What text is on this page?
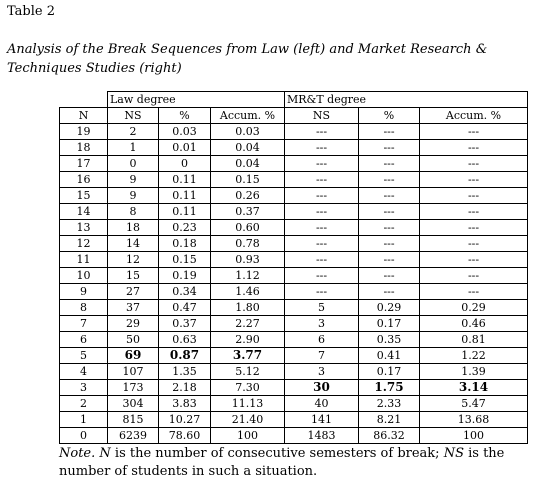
Table 2
Analysis of the Break Sequences from Law (left) and Market Research & Techniques Studies (right)
	Law degree			MR&T degree		
N	NS	%	Accum. %	NS	%	Accum. %
19	2	0.03	0.03	---	---	---
18	1	0.01	0.04	---	---	---
17	0	0	0.04	---	---	---
16	9	0.11	0.15	---	---	---
15	9	0.11	0.26	---	---	---
14	8	0.11	0.37	---	---	---
13	18	0.23	0.60	---	---	---
12	14	0.18	0.78	---	---	---
11	12	0.15	0.93	---	---	---
10	15	0.19	1.12	---	---	---
9	27	0.34	1.46	---	---	---
8	37	0.47	1.80	5	0.29	0.29
7	29	0.37	2.27	3	0.17	0.46
6	50	0.63	2.90	6	0.35	0.81
5	69	0.87	3.77	7	0.41	1.22
4	107	1.35	5.12	3	0.17	1.39
3	173	2.18	7.30	30	1.75	3.14
2	304	3.83	11.13	40	2.33	5.47
1	815	10.27	21.40	141	8.21	13.68
0	6239	78.60	100	1483	86.32	100
Note. N is the number of consecutive semesters of break; NS is the number of students in such a situation.
